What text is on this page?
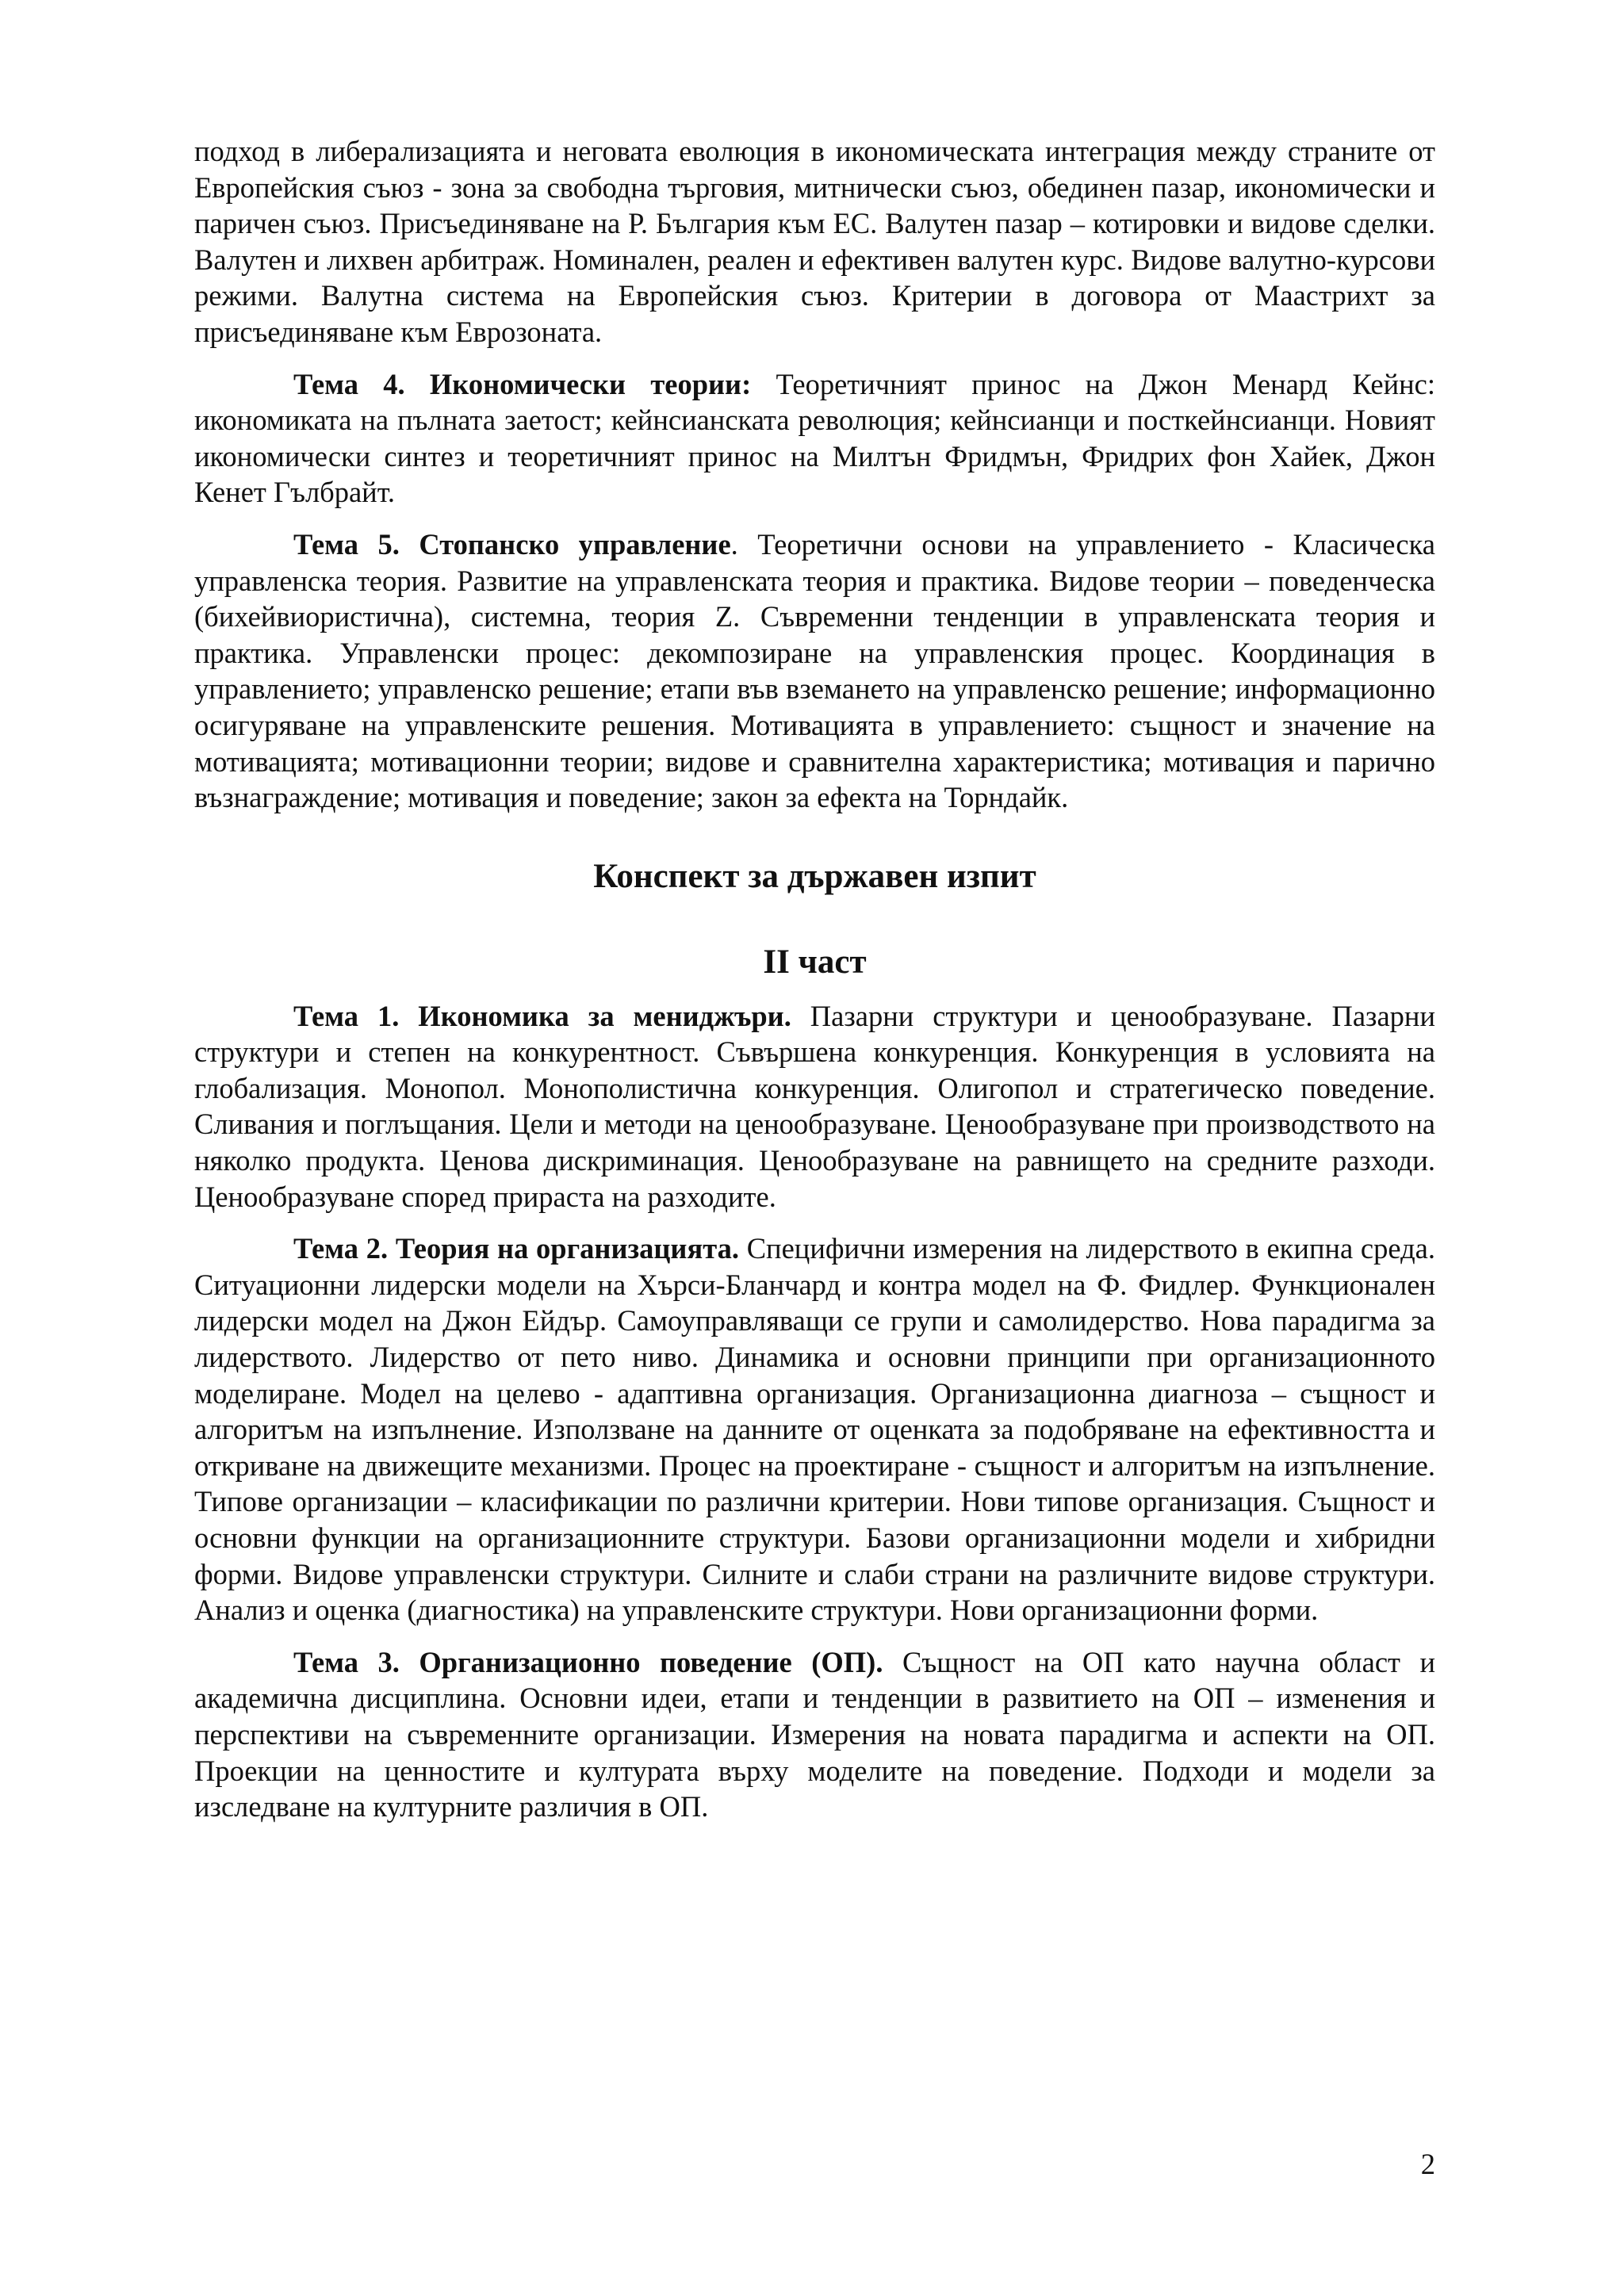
подход в либерализацията и неговата еволюция в икономическата интеграция между страните от Европейския съюз - зона за свободна търговия, митнически съюз, обединен пазар, икономически и паричен съюз. Присъединяване на Р. България към ЕС. Валутен пазар – котировки и видове сделки. Валутен и лихвен арбитраж. Номинален, реален и ефективен валутен курс. Видове валутно-курсови режими. Валутна система на Европейския съюз. Критерии в договора от Маастрихт за присъединяване към Еврозоната.

Тема 4. Икономически теории: Теоретичният принос на Джон Менард Кейнс: икономиката на пълната заетост; кейнсианската революция; кейнсианци и посткейнсианци. Новият икономически синтез и теоретичният принос на Милтън Фридмън, Фридрих фон Хайек, Джон Кенет Гълбрайт.

Тема 5. Стопанско управление. Теоретични основи на управлението - Класическа управленска теория. Развитие на управленската теория и практика. Видове теории – поведенческа (бихейвиористична), системна, теория Z. Съвременни тенденции в управленската теория и практика. Управленски процес: декомпозиране на управленския процес. Координация в управлението; управленско решение; етапи във вземането на управленско решение; информационно осигуряване на управленските решения. Мотивацията в управлението: същност и значение на мотивацията; мотивационни теории; видове и сравнителна характеристика; мотивация и парично възнаграждение; мотивация и поведение; закон за ефекта на Торндайк.

Конспект за държавен изпит
II част

Тема 1. Икономика за мениджъри. Пазарни структури и ценообразуване. Пазарни структури и степен на конкурентност. Съвършена конкуренция. Конкуренция в условията на глобализация. Монопол. Монополистична конкуренция. Олигопол и стратегическо поведение. Сливания и поглъщания. Цели и методи на ценообразуване. Ценообразуване при производството на няколко продукта. Ценова дискриминация. Ценообразуване на равнището на средните разходи. Ценообразуване според прираста на разходите.

Тема 2. Теория на организацията. Специфични измерения на лидерството в екипна среда. Ситуационни лидерски модели на Хърси-Бланчард и контра модел на Ф. Фидлер. Функционален лидерски модел на Джон Ейдър. Самоуправляващи се групи и самолидерство. Нова парадигма за лидерството. Лидерство от пето ниво. Динамика и основни принципи при организационното моделиране. Модел на целево - адаптивна организация. Организационна диагноза – същност и алгоритъм на изпълнение. Използване на данните от оценката за подобряване на ефективността и откриване на движещите механизми. Процес на проектиране - същност и алгоритъм на изпълнение. Типове организации – класификации по различни критерии. Нови типове организация. Същност и основни функции на организационните структури. Базови организационни модели и хибридни форми. Видове управленски структури. Силните и слаби страни на различните видове структури. Анализ и оценка (диагностика) на управленските структури. Нови организационни форми.

Тема 3. Организационно поведение (ОП). Същност на ОП като научна област и академична дисциплина. Основни идеи, етапи и тенденции в развитието на ОП – изменения и перспективи на съвременните организации. Измерения на новата парадигма и аспекти на ОП. Проекции на ценностите и културата върху моделите на поведение. Подходи и модели за изследване на културните различия в ОП.

2
